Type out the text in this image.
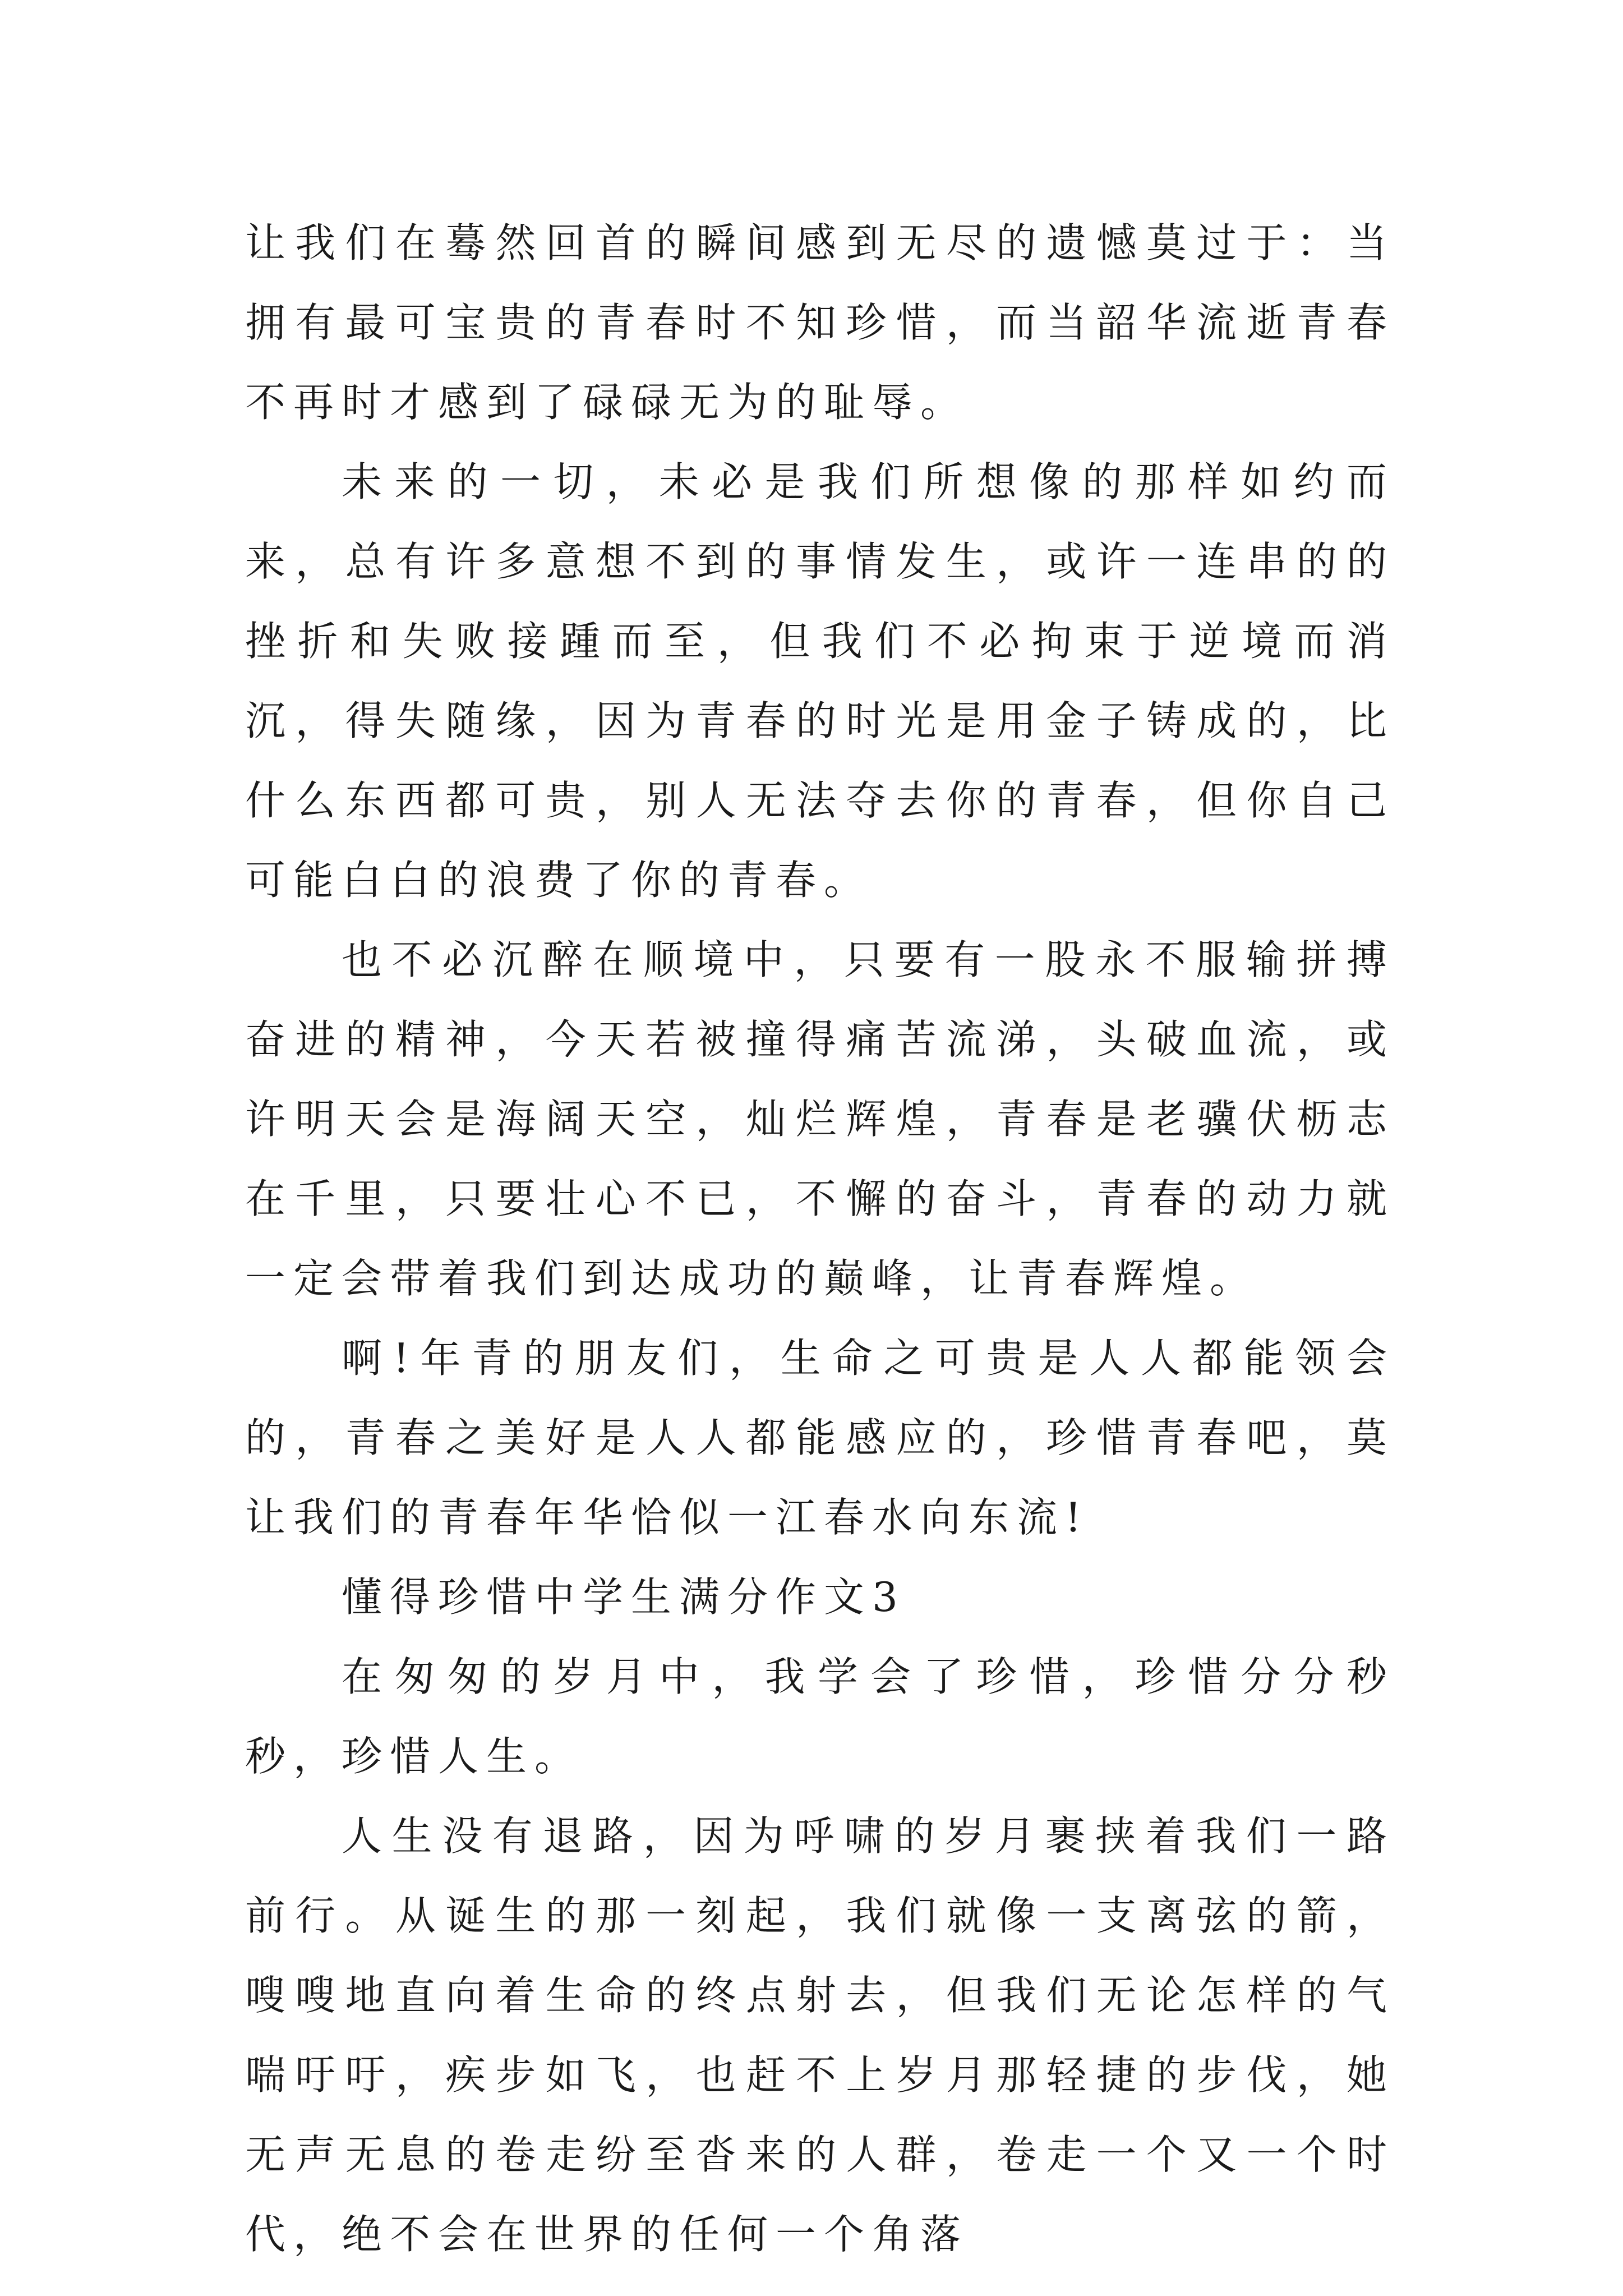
让我们在蓦然回首的瞬间感到无尽的遗憾莫过于：当拥有最可宝贵的青春时不知珍惜，而当韶华流逝青春不再时才感到了碌碌无为的耻辱。

未来的一切，未必是我们所想像的那样如约而来，总有许多意想不到的事情发生，或许一连串的的挫折和失败接踵而至，但我们不必拘束于逆境而消沉，得失随缘，因为青春的时光是用金子铸成的，比什么东西都可贵，别人无法夺去你的青春，但你自己可能白白的浪费了你的青春。

也不必沉醉在顺境中，只要有一股永不服输拼搏奋进的精神，今天若被撞得痛苦流涕，头破血流，或许明天会是海阔天空，灿烂辉煌，青春是老骥伏枥志在千里，只要壮心不已，不懈的奋斗，青春的动力就一定会带着我们到达成功的巅峰，让青春辉煌。

啊!年青的朋友们，生命之可贵是人人都能领会的，青春之美好是人人都能感应的，珍惜青春吧，莫让我们的青春年华恰似一江春水向东流!

懂得珍惜中学生满分作文3

在匆匆的岁月中，我学会了珍惜，珍惜分分秒秒，珍惜人生。

人生没有退路，因为呼啸的岁月裹挟着我们一路前行。从诞生的那一刻起，我们就像一支离弦的箭，嗖嗖地直向着生命的终点射去，但我们无论怎样的气喘吁吁，疾步如飞，也赶不上岁月那轻捷的步伐，她无声无息的卷走纷至沓来的人群，卷走一个又一个时代，绝不会在世界的任何一个角落
